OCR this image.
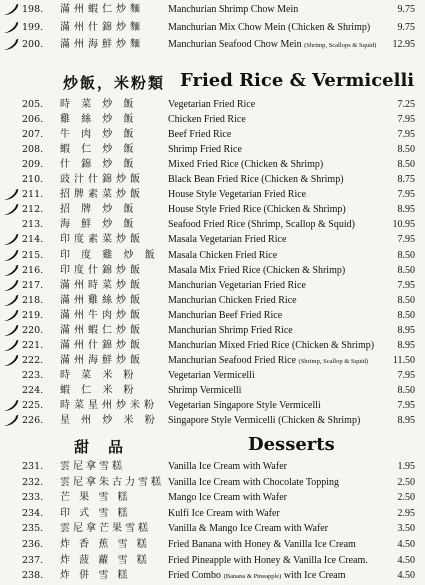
198.	滿州蝦仁炒麵	Manchurian Shrimp Chow Mein	9.75
199.	滿州什錦炒麵	Manchurian Mix Chow Mein (Chicken & Shrimp)	9.75
200.	滿州海鮮炒麵	Manchurian Seafood Chow Mein (Shrimp, Scallops & Squid)	12.95
炒飯，米粉類 Fried Rice & Vermicelli
205.	時 菜 炒 飯	Vegetarian Fried Rice	7.25
206.	雞 絲 炒 飯	Chicken Fried Rice	7.95
207.	牛 肉 炒 飯	Beef Fried Rice	7.95
208.	蝦 仁 炒 飯	Shrimp Fried Rice	8.50
209.	什 錦 炒 飯	Mixed Fried Rice (Chicken & Shrimp)	8.50
210.	豉汁什錦炒飯	Black Bean Fried Rice (Chicken & Shrimp)	8.75
211.	招牌素菜炒飯	House Style Vegetarian Fried Rice	7.95
212.	招 牌 炒 飯	House Style Fried Rice (Chicken & Shrimp)	8.95
213.	海 鮮 炒 飯	Seafood Fried Rice (Shrimp, Scallop & Squid)	10.95
214.	印度素菜炒飯	Masala Vegetarian Fried Rice	7.95
215.	印 度 雞 炒 飯 Masala Chicken Fried Rice	8.50
216.	印度什錦炒飯	Masala Mix Fried Rice (Chicken & Shrimp)	8.50
217.	滿州時菜炒飯	Manchurian Vegetarian Fried Rice	7.95
218.	滿州雞絲炒飯	Manchurian Chicken Fried Rice	8.50
219.	滿州牛肉炒飯	Manchurian Beef Fried Rice	8.50
220.	滿州蝦仁炒飯	Manchurian Shrimp Fried Rice	8.95
221.	滿州什錦炒飯	Manchurian Mixed Fried Rice (Chicken & Shrimp)	8.95
222.	滿州海鮮炒飯	Manchurian Seafood Fried Rice (Shrimp, Scallop & Squid)	11.50
223.	時 菜 米 粉	Vegetarian Vermicelli	7.95
224.	蝦 仁 米 粉	Shrimp Vermicelli	8.50
225.	時菜星州炒米粉	Vegetarian Singapore Style Vermicelli	7.95
226.	星 州 炒 米 粉 Singapore Style Vermicelli (Chicken & Shrimp)	8.95
甜　品	Desserts
231.	雲尼拿雪糕	Vanilla Ice Cream with Wafer	1.95
232.	雲尼拿朱古力雪糕 Vanilla Ice Cream with Chocolate Topping	2.50
233.	芒 果 雪 糕	Mango Ice Cream with Wafer	2.50
234.	印 式 雪 糕	Kulfi Ice Cream with Wafer	2.95
235.	雲尼拿芒果雪糕	Vanilla & Mango Ice Cream with Wafer	3.50
236.	炸 香 蕉 雪 糕	Fried Banana with Honey & Vanilla Ice Cream	4.50
237.	炸 菠 蘿 雪 糕	Fried Pineapple with Honey & Vanilla Ice Cream.	4.50
238.	炸 併 雪 糕	Fried Combo (Banana & Pineapple) with Ice Cream	4.50
